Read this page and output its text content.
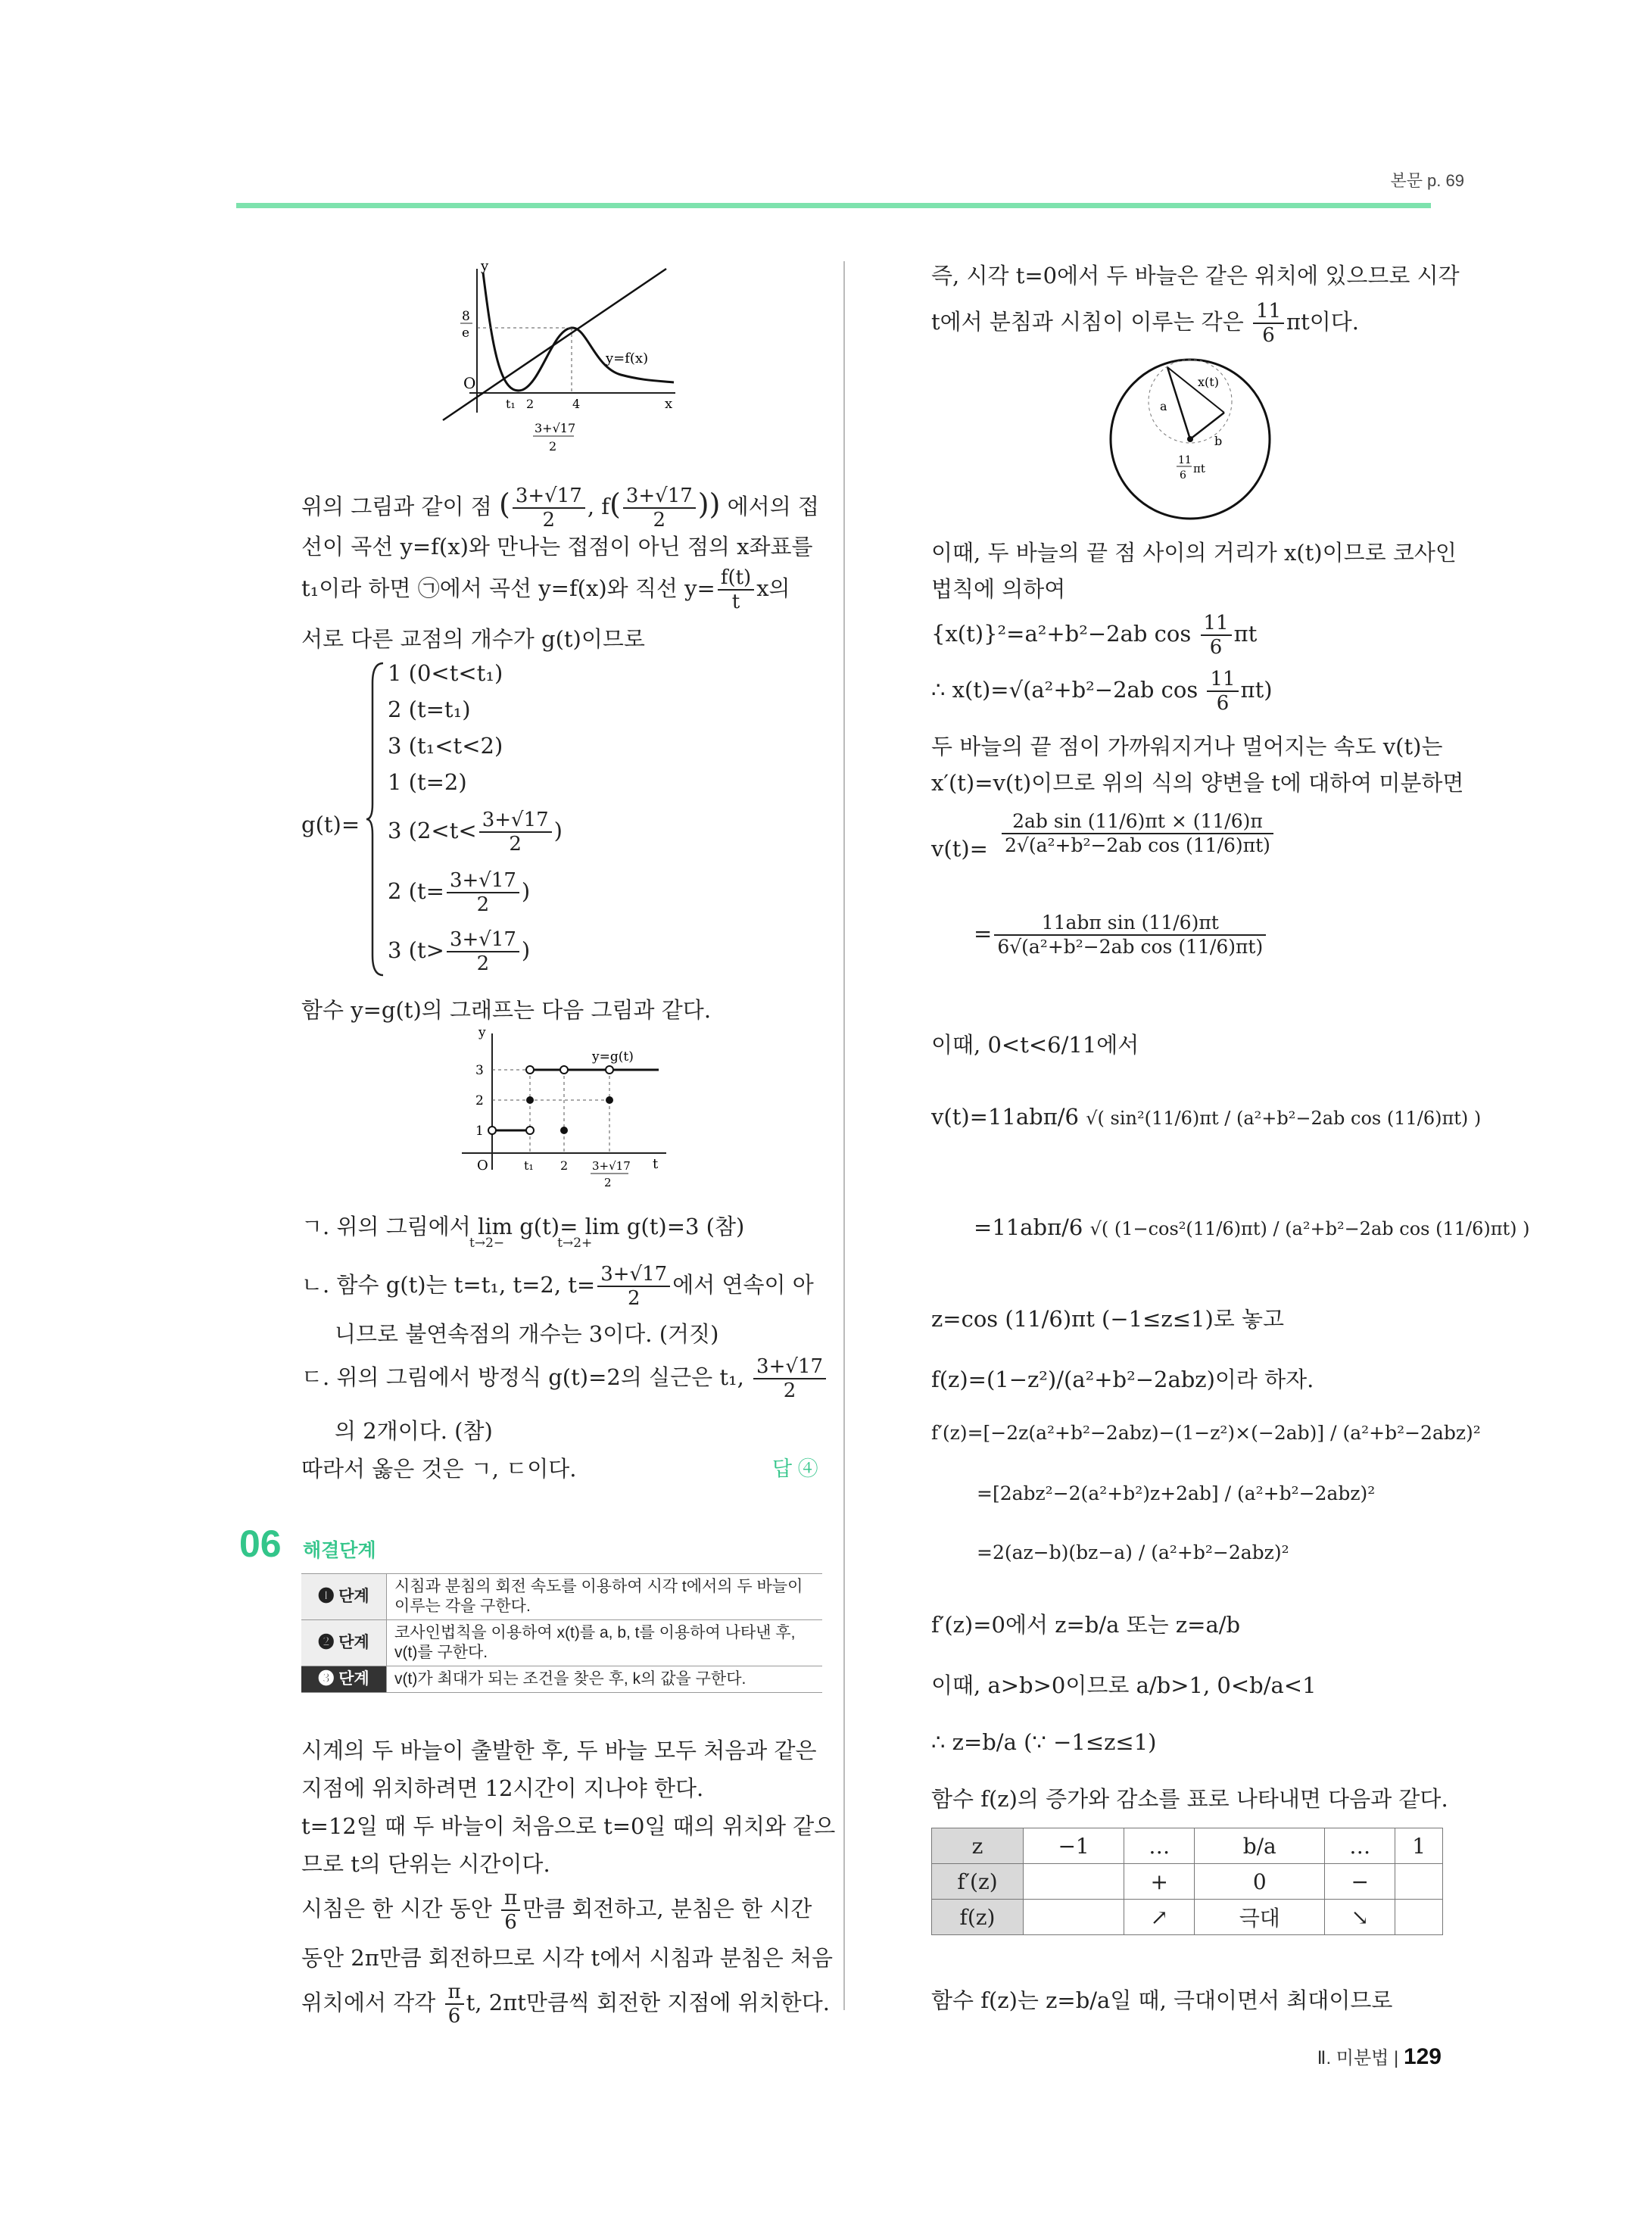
본문 p. 69
y
x
O
8
e
y=f(x)
t₁ 2	4
3+√17
2
위의 그림과 같이 점 ( $\frac{3+√17}{2}$ , $f( \frac{3+√17}{2}$ )) 에서의 접
선이 곡선 y=f(x)와 만나는 접점이 아닌 점의 x좌표를
t₁이라 하면 ㉠에서 곡선 y=f(x)와 직선 $y= \frac{f(t)}{t}$ x의
서로 다른 교점의 개수가 g(t)이므로
g(t)=
1 (0<t<t₁)
2 (t=t₁)
3 (t₁<t<2)
1 (t=2)
3 ($2<t< \frac{3+√17}{2}$ )
2 ($t= \frac{3+√17}{2}$ )
3 ($t> \frac{3+√17}{2}$ )
함수 y=g(t)의 그래프는 다음 그림과 같다.
y
t
O
3
2
1
t₁ 2 3+√17
2
y=g(t)
ㄱ. 위의 그림에서 lim g(t)= lim g(t)=3 (참)
t→2−	t→2+
ㄴ. 함수 g(t)는 t=t₁, t=2, $t= \frac{3+√17}{2}$ 에서 연속이 아
니므로 불연속점의 개수는 3이다. (거짓)
ㄷ. 위의 그림에서 방정식 g(t)=2의 실근은 t₁, $\frac{3+√17}{2}$
의 2개이다. (참)
따라서 옳은 것은 ㄱ, ㄷ이다.	답 ④
06 해결단계
❶ 단계	시침과 분침의 회전 속도를 이용하여 시각 t에서의 두 바늘이 이루는 각을 구한다.
❷ 단계	코사인법칙을 이용하여 x(t)를 a, b, t를 이용하여 나타낸 후, v(t)를 구한다.
❸ 단계	v(t)가 최대가 되는 조건을 찾은 후, k의 값을 구한다.
시계의 두 바늘이 출발한 후, 두 바늘 모두 처음과 같은
지점에 위치하려면 12시간이 지나야 한다.
t=12일 때 두 바늘이 처음으로 t=0일 때의 위치와 같으
므로 t의 단위는 시간이다.
시침은 한 시간 동안 $\frac{\pi}{6}$ 만큼 회전하고, 분침은 한 시간
동안 2π만큼 회전하므로 시각 t에서 시침과 분침은 처음
위치에서 각각 $\frac{\pi}{6} t$, 2πt만큼씩 회전한 지점에 위치한다.
즉, 시각 t=0에서 두 바늘은 같은 위치에 있으므로 시각
t에서 분침과 시침이 이루는 각은 $\frac{11}{6}$ πt이다.
x(t)
a
b
11
6 πt
이때, 두 바늘의 끝 점 사이의 거리가 x(t)이므로 코사인
법칙에 의하여
{x(t)}²=a²+b²−2ab $\cos \frac{11}{6}$ πt
∴ x(t)=√(a²+b²−2ab $\cos \frac{11}{6} \pi t$)
두 바늘의 끝 점이 가까워지거나 멀어지는 속도 v(t)는
x′(t)=v(t)이므로 위의 식의 양변을 t에 대하여 미분하면
$v(t)= \frac{\text{2ab sin (11/6)πt × (11/6)π}}{\text{2√(a²+b²−2ab cos (11/6)πt)}}$
= $\frac{\text{11abπ sin (11/6)πt}}{\text{6√(a²+b²−2ab cos (11/6)πt)}}$
이때, 0<t<6/11에서
v(t)=11abπ/6 √( sin²(11/6)πt / (a²+b²−2ab cos (11/6)πt) )
=11abπ/6 √( (1−cos²(11/6)πt) / (a²+b²−2ab cos (11/6)πt) )
z=cos (11/6)πt (−1≤z≤1)로 놓고
f(z)=(1−z²)/(a²+b²−2abz)이라 하자.
f′(z)=[−2z(a²+b²−2abz)−(1−z²)×(−2ab)] / (a²+b²−2abz)²
=[2abz²−2(a²+b²)z+2ab] / (a²+b²−2abz)²
=2(az−b)(bz−a) / (a²+b²−2abz)²
f′(z)=0에서 z=b/a 또는 z=a/b
이때, a>b>0이므로 a/b>1, 0<b/a<1
∴ z=b/a (∵ −1≤z≤1)
함수 f(z)의 증가와 감소를 표로 나타내면 다음과 같다.
z	−1	…	b/a	…	1
f′(z)		+	0	−	
f(z)		↗	극대	↘	
함수 f(z)는 z=b/a일 때, 극대이면서 최대이므로
Ⅱ. 미분법 | 129
